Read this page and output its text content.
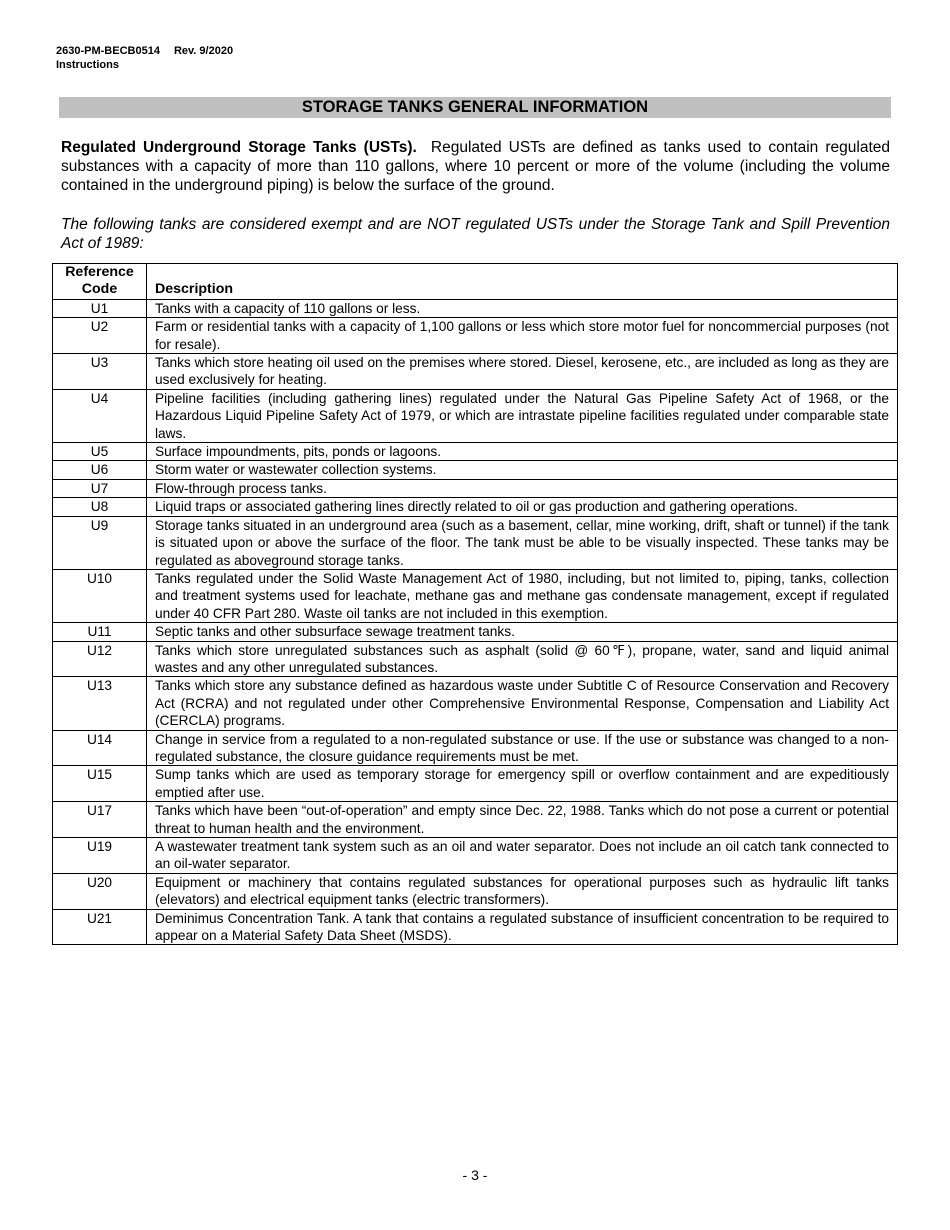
2630-PM-BECB0514 Rev. 9/2020
Instructions
STORAGE TANKS GENERAL INFORMATION

Regulated Underground Storage Tanks (USTs). Regulated USTs are defined as tanks used to contain regulated substances with a capacity of more than 110 gallons, where 10 percent or more of the volume (including the volume contained in the underground piping) is below the surface of the ground.

The following tanks are considered exempt and are NOT regulated USTs under the Storage Tank and Spill Prevention Act of 1989:

Reference
Code	Description
U1	Tanks with a capacity of 110 gallons or less.
U2	Farm or residential tanks with a capacity of 1,100 gallons or less which store motor fuel for noncommercial purposes (not for resale).
U3	Tanks which store heating oil used on the premises where stored. Diesel, kerosene, etc., are included as long as they are used exclusively for heating.
U4	Pipeline facilities (including gathering lines) regulated under the Natural Gas Pipeline Safety Act of 1968, or the Hazardous Liquid Pipeline Safety Act of 1979, or which are intrastate pipeline facilities regulated under comparable state laws.
U5	Surface impoundments, pits, ponds or lagoons.
U6	Storm water or wastewater collection systems.
U7	Flow-through process tanks.
U8	Liquid traps or associated gathering lines directly related to oil or gas production and gathering operations.
U9	Storage tanks situated in an underground area (such as a basement, cellar, mine working, drift, shaft or tunnel) if the tank is situated upon or above the surface of the floor. The tank must be able to be visually inspected. These tanks may be regulated as aboveground storage tanks.
U10	Tanks regulated under the Solid Waste Management Act of 1980, including, but not limited to, piping, tanks, collection and treatment systems used for leachate, methane gas and methane gas condensate management, except if regulated under 40 CFR Part 280. Waste oil tanks are not included in this exemption.
U11	Septic tanks and other subsurface sewage treatment tanks.
U12	Tanks which store unregulated substances such as asphalt (solid @ 60℉), propane, water, sand and liquid animal wastes and any other unregulated substances.
U13	Tanks which store any substance defined as hazardous waste under Subtitle C of Resource Conservation and Recovery Act (RCRA) and not regulated under other Comprehensive Environmental Response, Compensation and Liability Act (CERCLA) programs.
U14	Change in service from a regulated to a non-regulated substance or use. If the use or substance was changed to a non-regulated substance, the closure guidance requirements must be met.
U15	Sump tanks which are used as temporary storage for emergency spill or overflow containment and are expeditiously emptied after use.
U17	Tanks which have been “out-of-operation” and empty since Dec. 22, 1988. Tanks which do not pose a current or potential threat to human health and the environment.
U19	A wastewater treatment tank system such as an oil and water separator. Does not include an oil catch tank connected to an oil-water separator.
U20	Equipment or machinery that contains regulated substances for operational purposes such as hydraulic lift tanks (elevators) and electrical equipment tanks (electric transformers).
U21	Deminimus Concentration Tank. A tank that contains a regulated substance of insufficient concentration to be required to appear on a Material Safety Data Sheet (MSDS).
- 3 -
